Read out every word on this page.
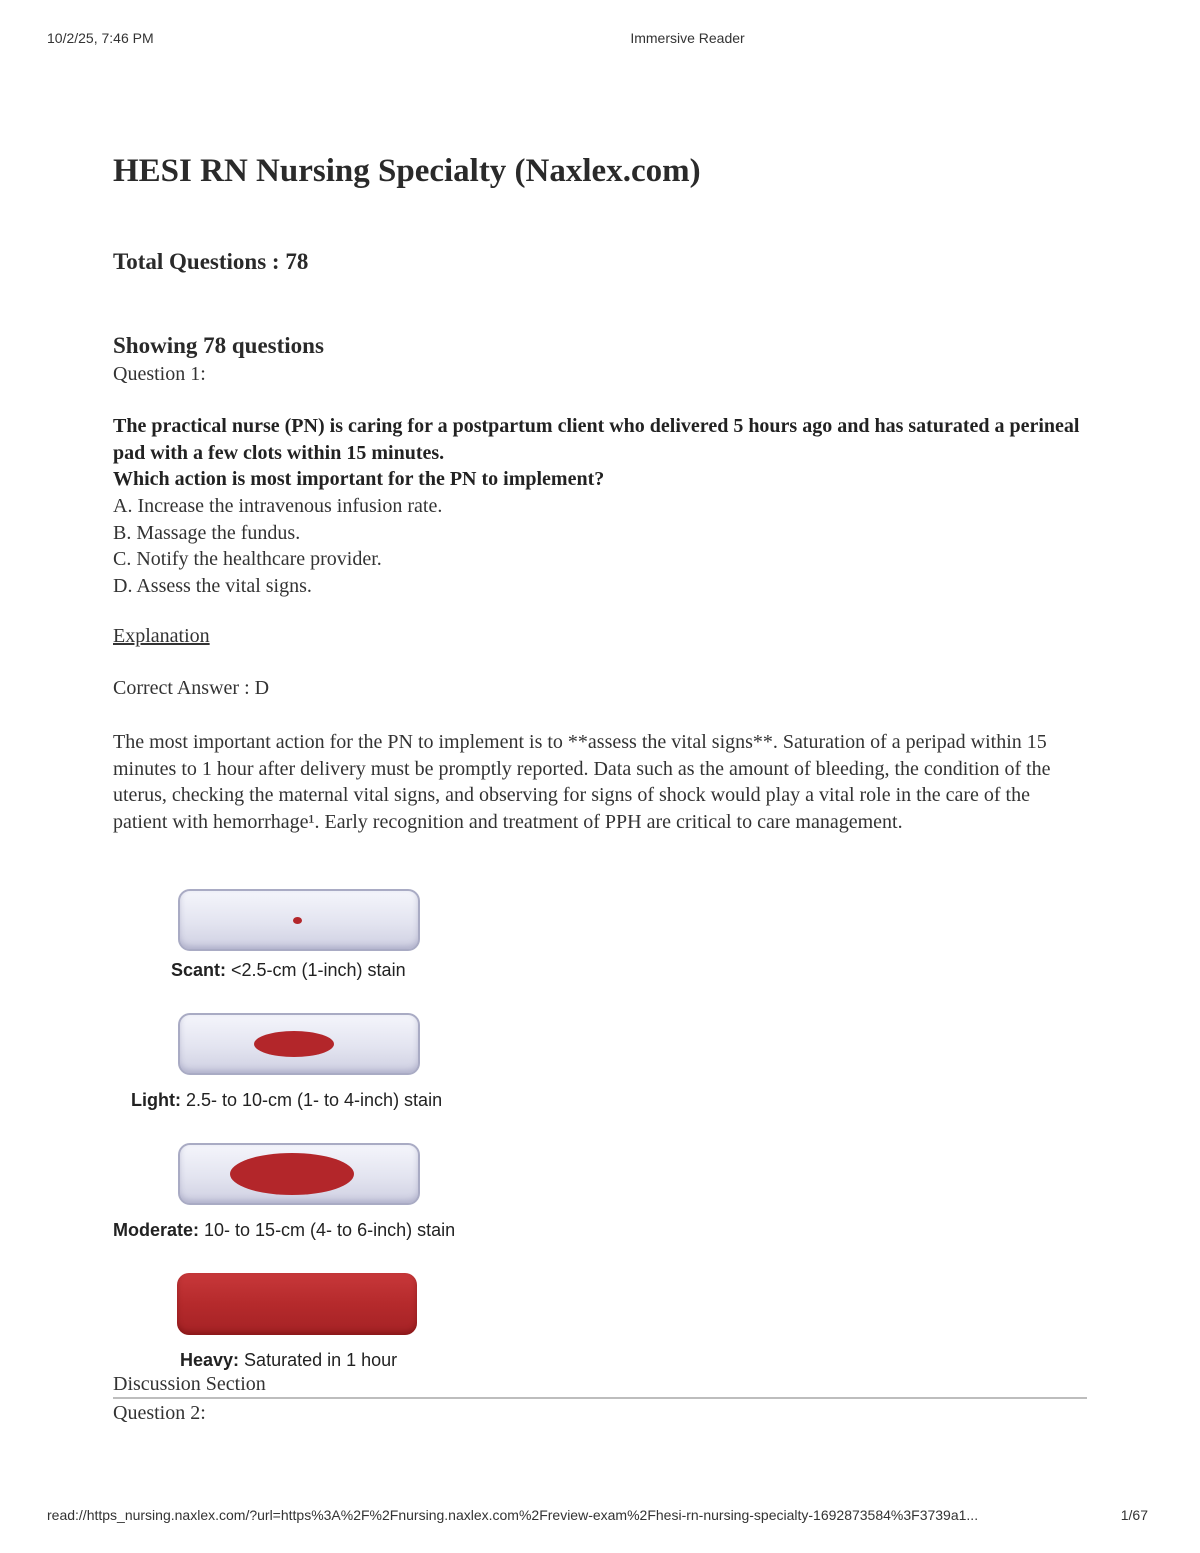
10/2/25, 7:46 PM	Immersive Reader
HESI RN Nursing Specialty (Naxlex.com)
Total Questions : 78
Showing 78 questions
Question 1:
The practical nurse (PN) is caring for a postpartum client who delivered 5 hours ago and has saturated a perineal pad with a few clots within 15 minutes.
Which action is most important for the PN to implement?
A. Increase the intravenous infusion rate.
B. Massage the fundus.
C. Notify the healthcare provider.
D. Assess the vital signs.
Explanation
Correct Answer : D
The most important action for the PN to implement is to **assess the vital signs**. Saturation of a peripad within 15 minutes to 1 hour after delivery must be promptly reported. Data such as the amount of bleeding, the condition of the uterus, checking the maternal vital signs, and observing for signs of shock would play a vital role in the care of the patient with hemorrhage¹. Early recognition and treatment of PPH are critical to care management.
Discussion Section
Question 2:
Scant: <2.5-cm (1-inch) stain
Light: 2.5- to 10-cm (1- to 4-inch) stain
Moderate: 10- to 15-cm (4- to 6-inch) stain
Heavy: Saturated in 1 hour
read://https_nursing.naxlex.com/?url=https%3A%2F%2Fnursing.naxlex.com%2Freview-exam%2Fhesi-rn-nursing-specialty-1692873584%3F3739a1...	1/67
